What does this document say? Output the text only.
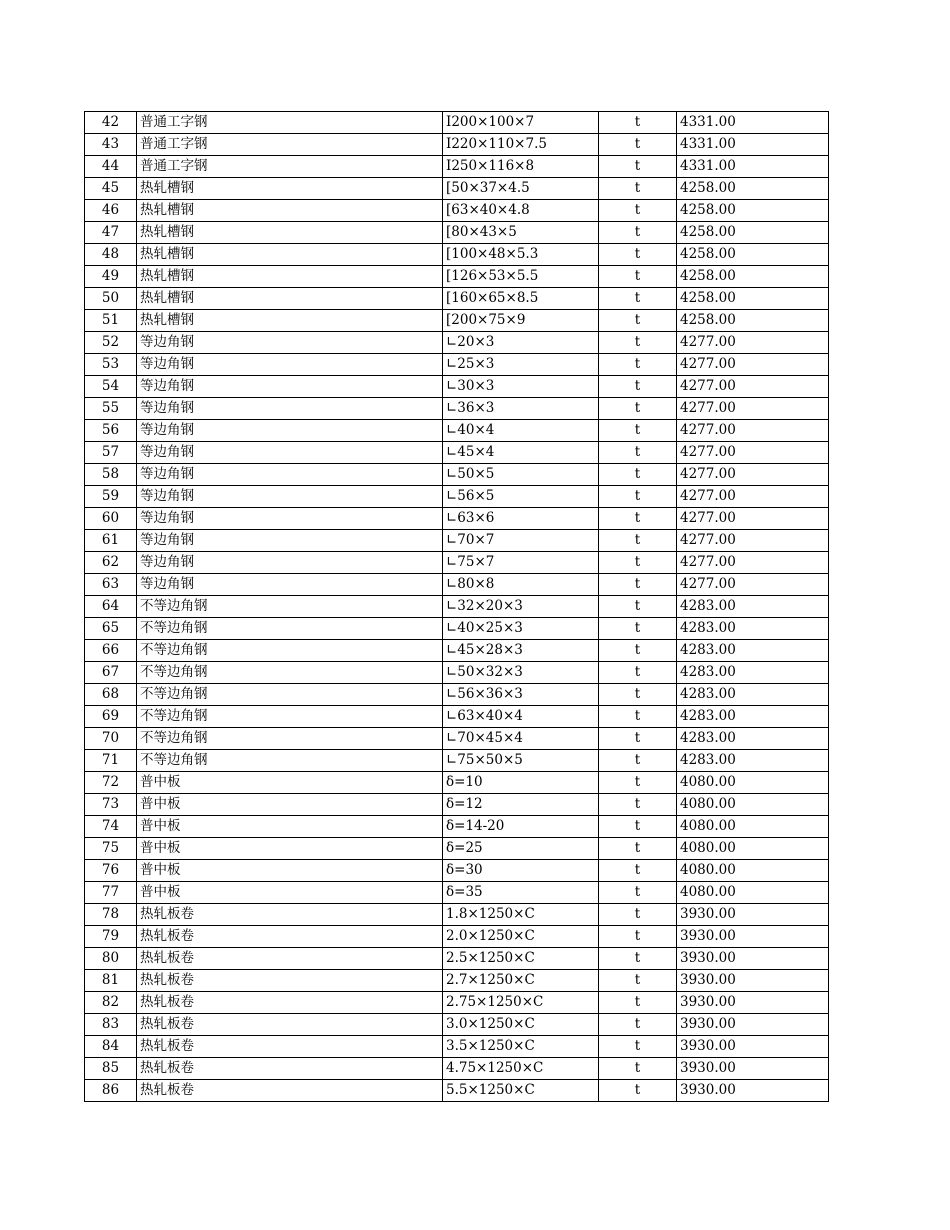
42	普通工字钢	I200×100×7	t	4331.00
43	普通工字钢	I220×110×7.5	t	4331.00
44	普通工字钢	I250×116×8	t	4331.00
45	热轧槽钢	[50×37×4.5	t	4258.00
46	热轧槽钢	[63×40×4.8	t	4258.00
47	热轧槽钢	[80×43×5	t	4258.00
48	热轧槽钢	[100×48×5.3	t	4258.00
49	热轧槽钢	[126×53×5.5	t	4258.00
50	热轧槽钢	[160×65×8.5	t	4258.00
51	热轧槽钢	[200×75×9	t	4258.00
52	等边角钢	∟20×3	t	4277.00
53	等边角钢	∟25×3	t	4277.00
54	等边角钢	∟30×3	t	4277.00
55	等边角钢	∟36×3	t	4277.00
56	等边角钢	∟40×4	t	4277.00
57	等边角钢	∟45×4	t	4277.00
58	等边角钢	∟50×5	t	4277.00
59	等边角钢	∟56×5	t	4277.00
60	等边角钢	∟63×6	t	4277.00
61	等边角钢	∟70×7	t	4277.00
62	等边角钢	∟75×7	t	4277.00
63	等边角钢	∟80×8	t	4277.00
64	不等边角钢	∟32×20×3	t	4283.00
65	不等边角钢	∟40×25×3	t	4283.00
66	不等边角钢	∟45×28×3	t	4283.00
67	不等边角钢	∟50×32×3	t	4283.00
68	不等边角钢	∟56×36×3	t	4283.00
69	不等边角钢	∟63×40×4	t	4283.00
70	不等边角钢	∟70×45×4	t	4283.00
71	不等边角钢	∟75×50×5	t	4283.00
72	普中板	δ=10	t	4080.00
73	普中板	δ=12	t	4080.00
74	普中板	δ=14-20	t	4080.00
75	普中板	δ=25	t	4080.00
76	普中板	δ=30	t	4080.00
77	普中板	δ=35	t	4080.00
78	热轧板卷	1.8×1250×C	t	3930.00
79	热轧板卷	2.0×1250×C	t	3930.00
80	热轧板卷	2.5×1250×C	t	3930.00
81	热轧板卷	2.7×1250×C	t	3930.00
82	热轧板卷	2.75×1250×C	t	3930.00
83	热轧板卷	3.0×1250×C	t	3930.00
84	热轧板卷	3.5×1250×C	t	3930.00
85	热轧板卷	4.75×1250×C	t	3930.00
86	热轧板卷	5.5×1250×C	t	3930.00
